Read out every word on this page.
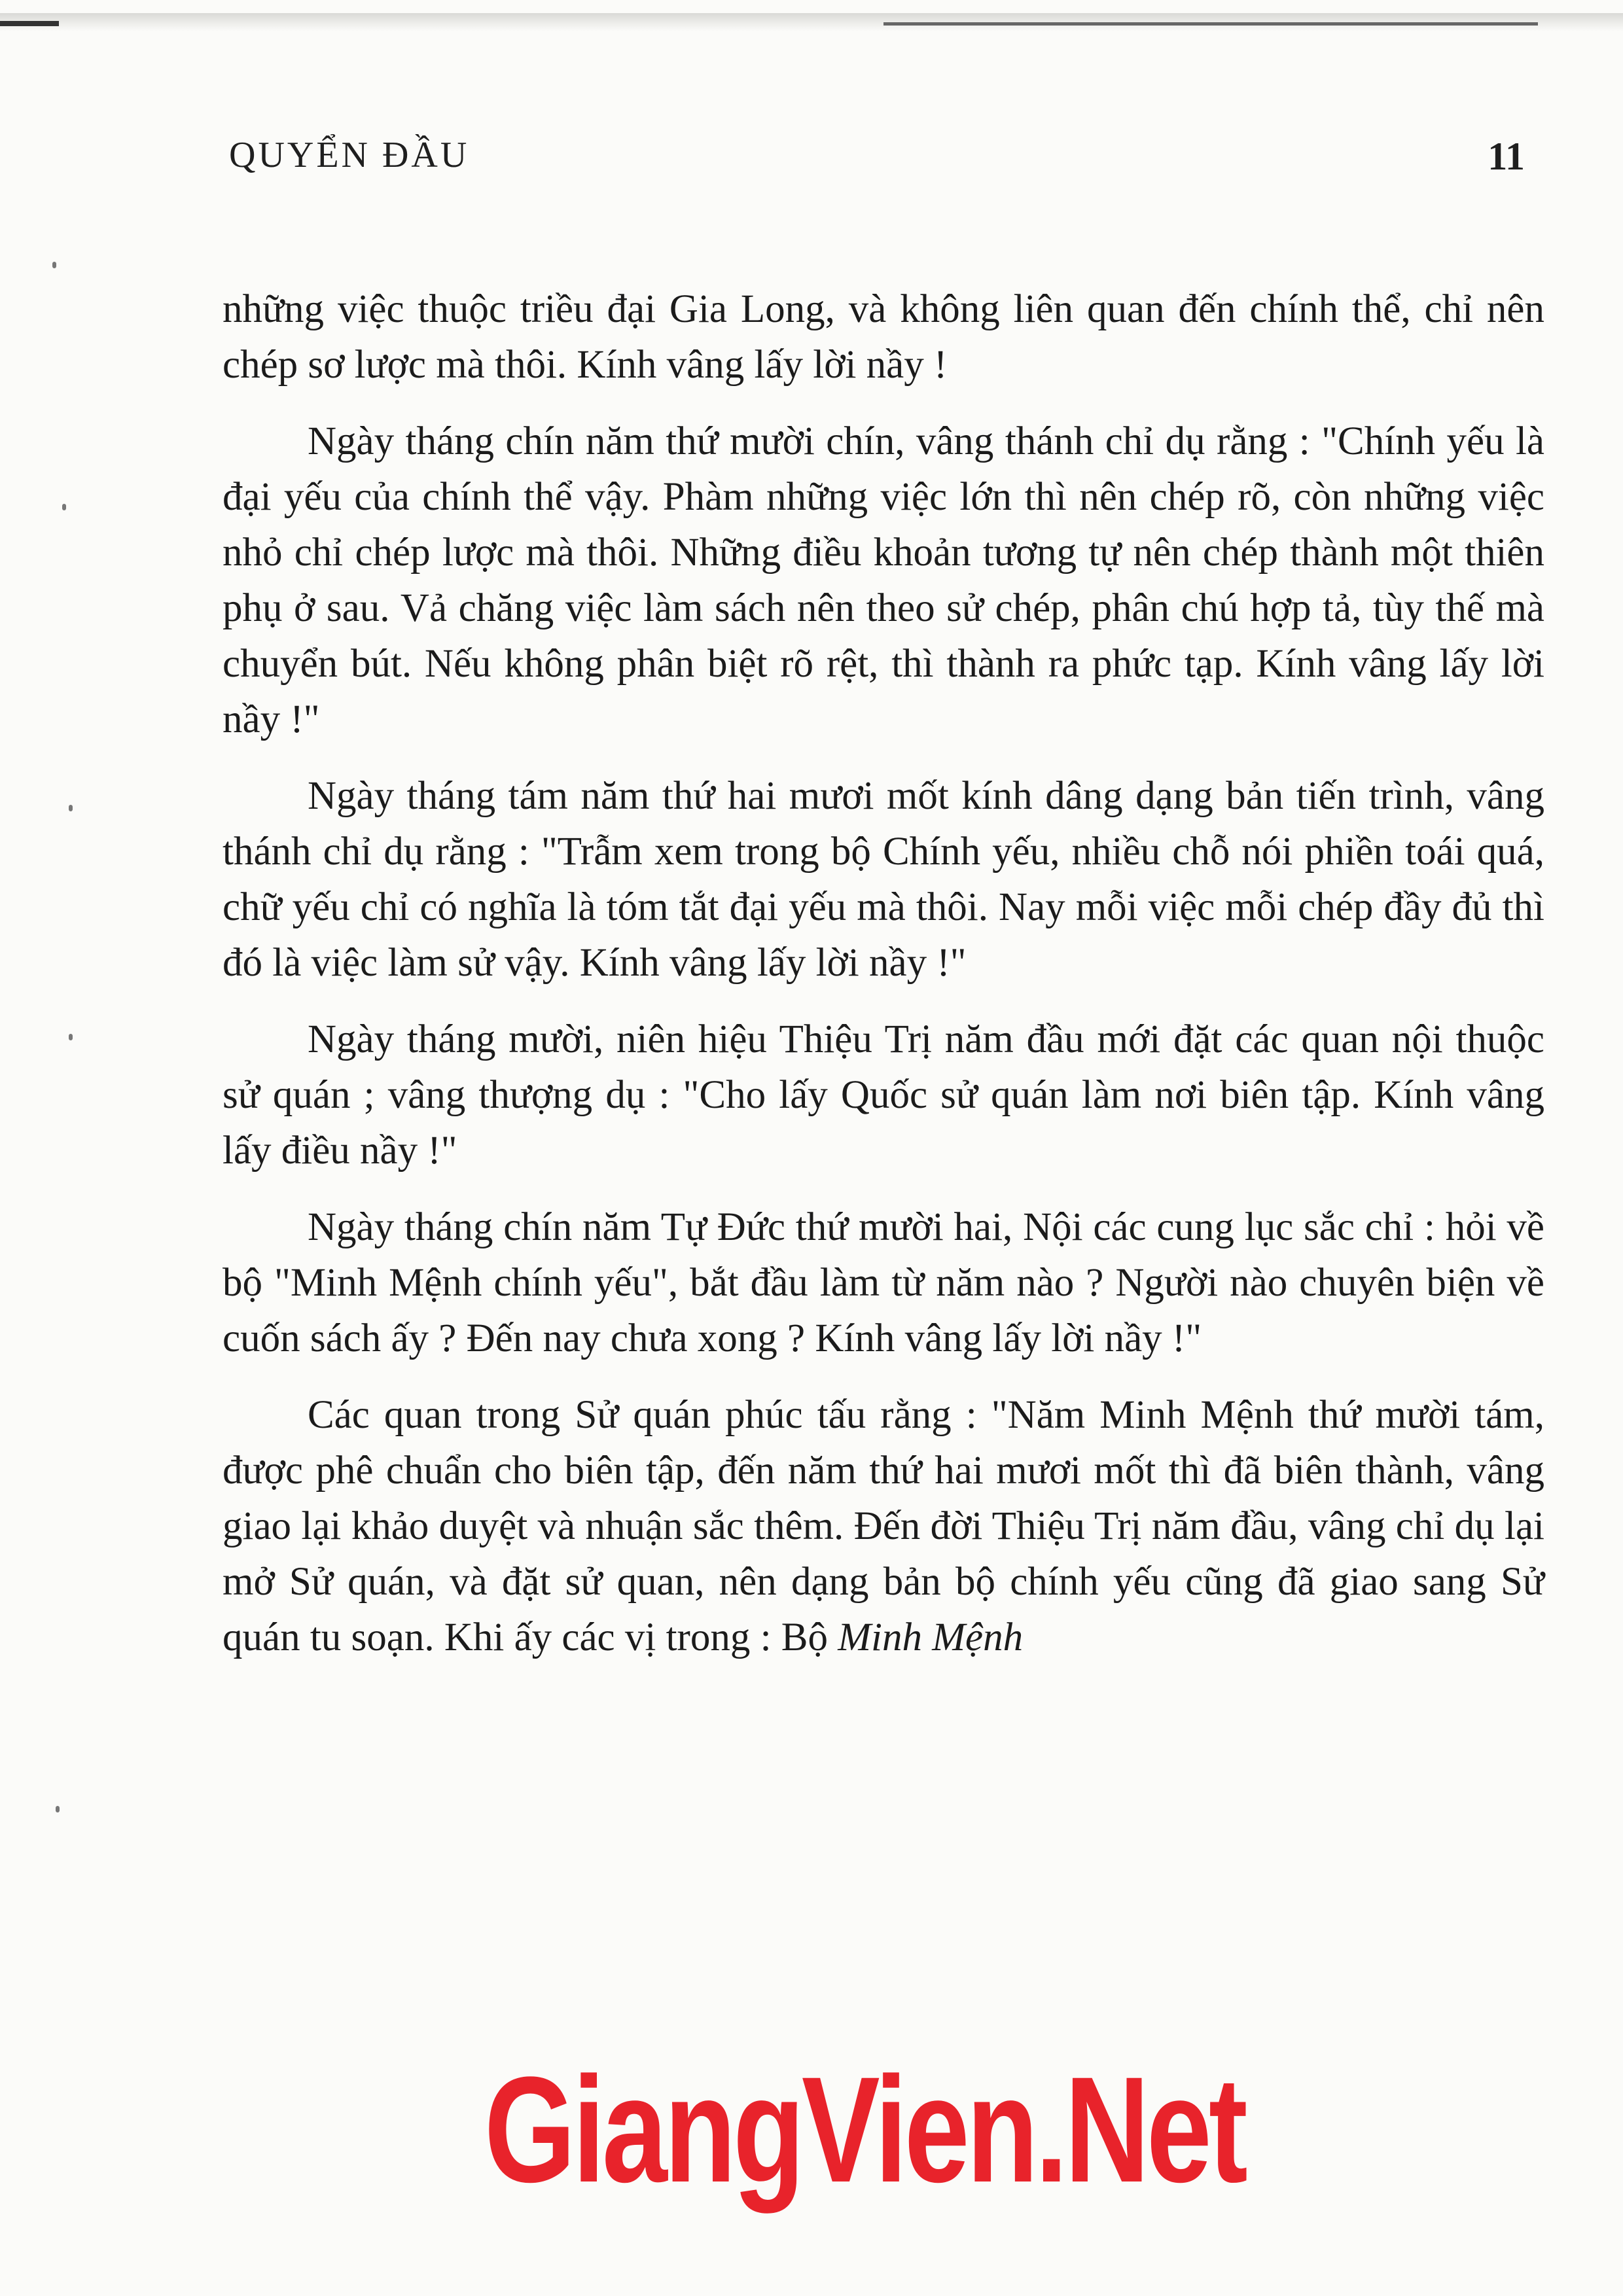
QUYỂN ĐẦU	11

những việc thuộc triều đại Gia Long, và không liên quan đến chính thể, chỉ nên chép sơ lược mà thôi. Kính vâng lấy lời nầy !

Ngày tháng chín năm thứ mười chín, vâng thánh chỉ dụ rằng : "Chính yếu là đại yếu của chính thể vậy. Phàm những việc lớn thì nên chép rõ, còn những việc nhỏ chỉ chép lược mà thôi. Những điều khoản tương tự nên chép thành một thiên phụ ở sau. Vả chăng việc làm sách nên theo sử chép, phân chú hợp tả, tùy thế mà chuyển bút. Nếu không phân biệt rõ rệt, thì thành ra phức tạp. Kính vâng lấy lời nầy !"

Ngày tháng tám năm thứ hai mươi mốt kính dâng dạng bản tiến trình, vâng thánh chỉ dụ rằng : "Trẫm xem trong bộ Chính yếu, nhiều chỗ nói phiền toái quá, chữ yếu chỉ có nghĩa là tóm tắt đại yếu mà thôi. Nay mỗi việc mỗi chép đầy đủ thì đó là việc làm sử vậy. Kính vâng lấy lời nầy !"

Ngày tháng mười, niên hiệu Thiệu Trị năm đầu mới đặt các quan nội thuộc sử quán ; vâng thượng dụ : "Cho lấy Quốc sử quán làm nơi biên tập. Kính vâng lấy điều nầy !"

Ngày tháng chín năm Tự Đức thứ mười hai, Nội các cung lục sắc chỉ : hỏi về bộ "Minh Mệnh chính yếu", bắt đầu làm từ năm nào ? Người nào chuyên biện về cuốn sách ấy ? Đến nay chưa xong ? Kính vâng lấy lời nầy !"

Các quan trong Sử quán phúc tấu rằng : "Năm Minh Mệnh thứ mười tám, được phê chuẩn cho biên tập, đến năm thứ hai mươi mốt thì đã biên thành, vâng giao lại khảo duyệt và nhuận sắc thêm. Đến đời Thiệu Trị năm đầu, vâng chỉ dụ lại mở Sử quán, và đặt sử quan, nên dạng bản bộ chính yếu cũng đã giao sang Sử quán tu soạn. Khi ấy các vị trong : Bộ Minh Mệnh

GiangVien.Net
